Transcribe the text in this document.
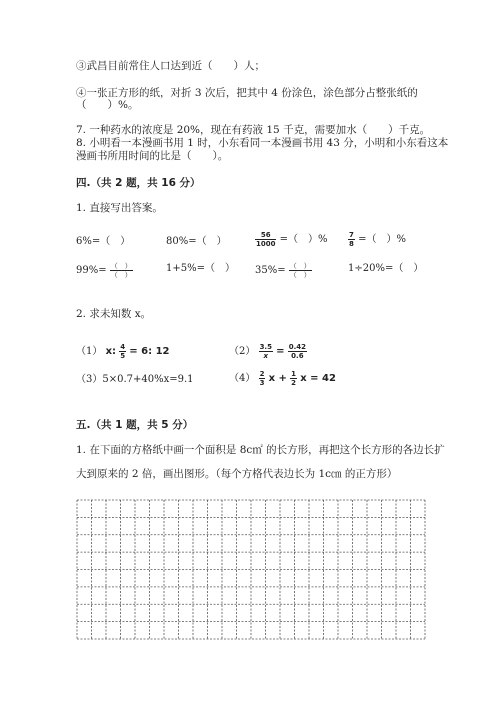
③武昌目前常住人口达到近（　　）人；
④一张正方形的纸，对折 3 次后，把其中 4 份涂色，涂色部分占整张纸的
（　　）%。
7. 一种药水的浓度是 20%，现在有药液 15 千克，需要加水（　　）千克。
8. 小明看一本漫画书用 1 时，小东看同一本漫画书用 43 分，小明和小东看这本
漫画书所用时间的比是（　　）。
四.（共 2 题，共 16 分）
1. 直接写出答案。
6%=（　）	80%=（　）	$\frac{56}{1000}$ =（　）%	$\frac{7}{8}$ =（　）%
$99\%= \frac{( )}{( )}$	1+5%=（　） $35\%= \frac{( )}{( )}$	1÷20%=（　）
2. 求未知数 x。
（1） x: $\frac{4}{5} = 6$: 12	$(2) \frac{3.5}{x} = \frac{0.42}{0.6}$
（3）5×0.7+40%x=9.1	$(4) \frac{2}{3}$ $x + \frac{1}{2}$ x = 42
五.（共 1 题，共 5 分）
1. 在下面的方格纸中画一个面积是 8c㎡ 的长方形，再把这个长方形的各边长扩
大到原来的 2 倍，画出图形。（每个方格代表边长为 1c㎝ 的正方形）
